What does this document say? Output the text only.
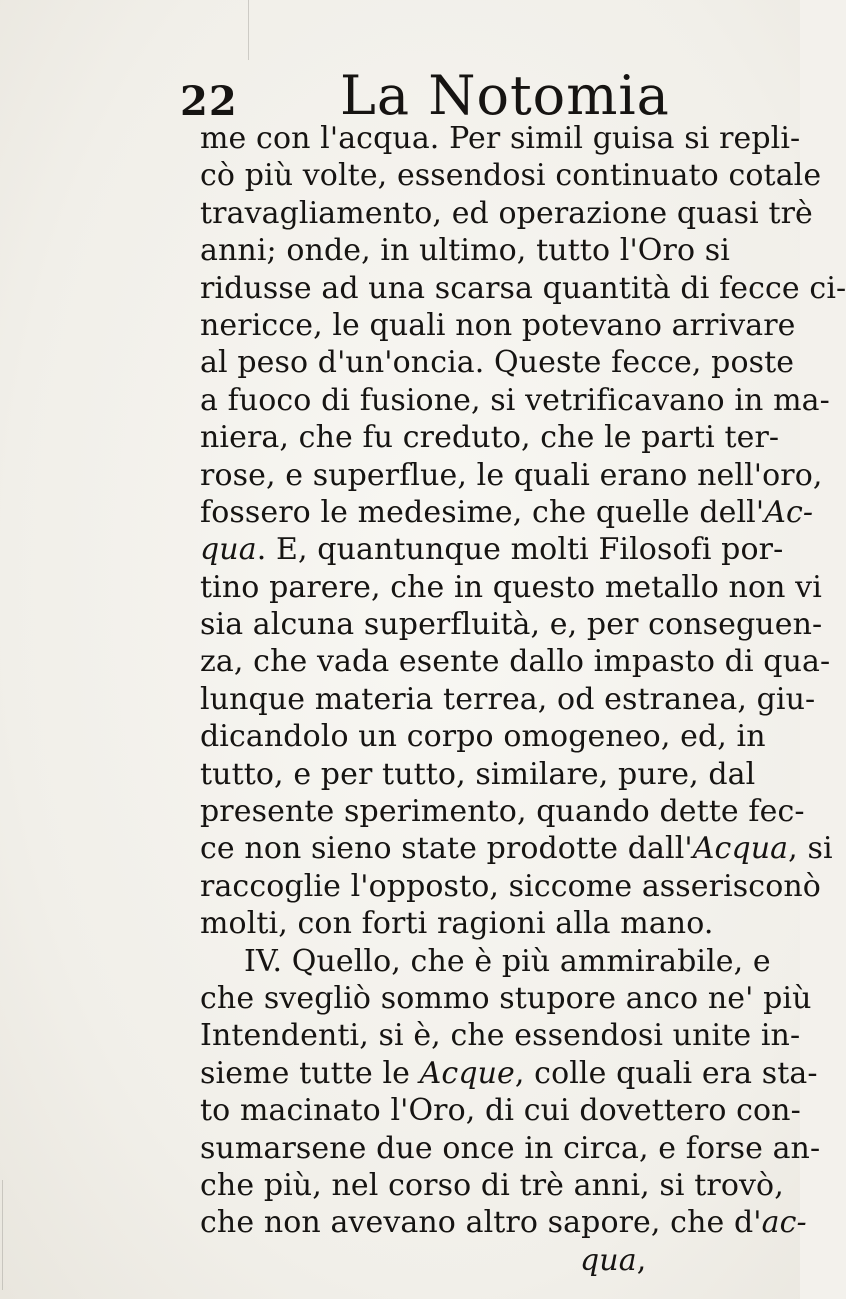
22 La Notomia
me con l'acqua. Per simil guisa si repli-
cò più volte, essendosi continuato cotale
travagliamento, ed operazione quasi trè
anni; onde, in ultimo, tutto l'Oro si
ridusse ad una scarsa quantità di fecce ci-
nericce, le quali non potevano arrivare
al peso d'un'oncia. Queste fecce, poste
a fuoco di fusione, si vetrificavano in ma-
niera, che fu creduto, che le parti ter-
rose, e superflue, le quali erano nell'oro,
fossero le medesime, che quelle dell'Ac-
qua. E, quantunque molti Filosofi por-
tino parere, che in questo metallo non vi
sia alcuna superfluità, e, per conseguen-
za, che vada esente dallo impasto di qua-
lunque materia terrea, od estranea, giu-
dicandolo un corpo omogeneo, ed, in
tutto, e per tutto, similare, pure, dal
presente sperimento, quando dette fec-
ce non sieno state prodotte dall'Acqua, si
raccoglie l'opposto, siccome asserisconò
molti, con forti ragioni alla mano.
IV. Quello, che è più ammirabile, e
che svegliò sommo stupore anco ne' più
Intendenti, si è, che essendosi unite in-
sieme tutte le Acque, colle quali era sta-
to macinato l'Oro, di cui dovettero con-
sumarsene due once in circa, e forse an-
che più, nel corso di trè anni, si trovò,
che non avevano altro sapore, che d'ac-
qua,
